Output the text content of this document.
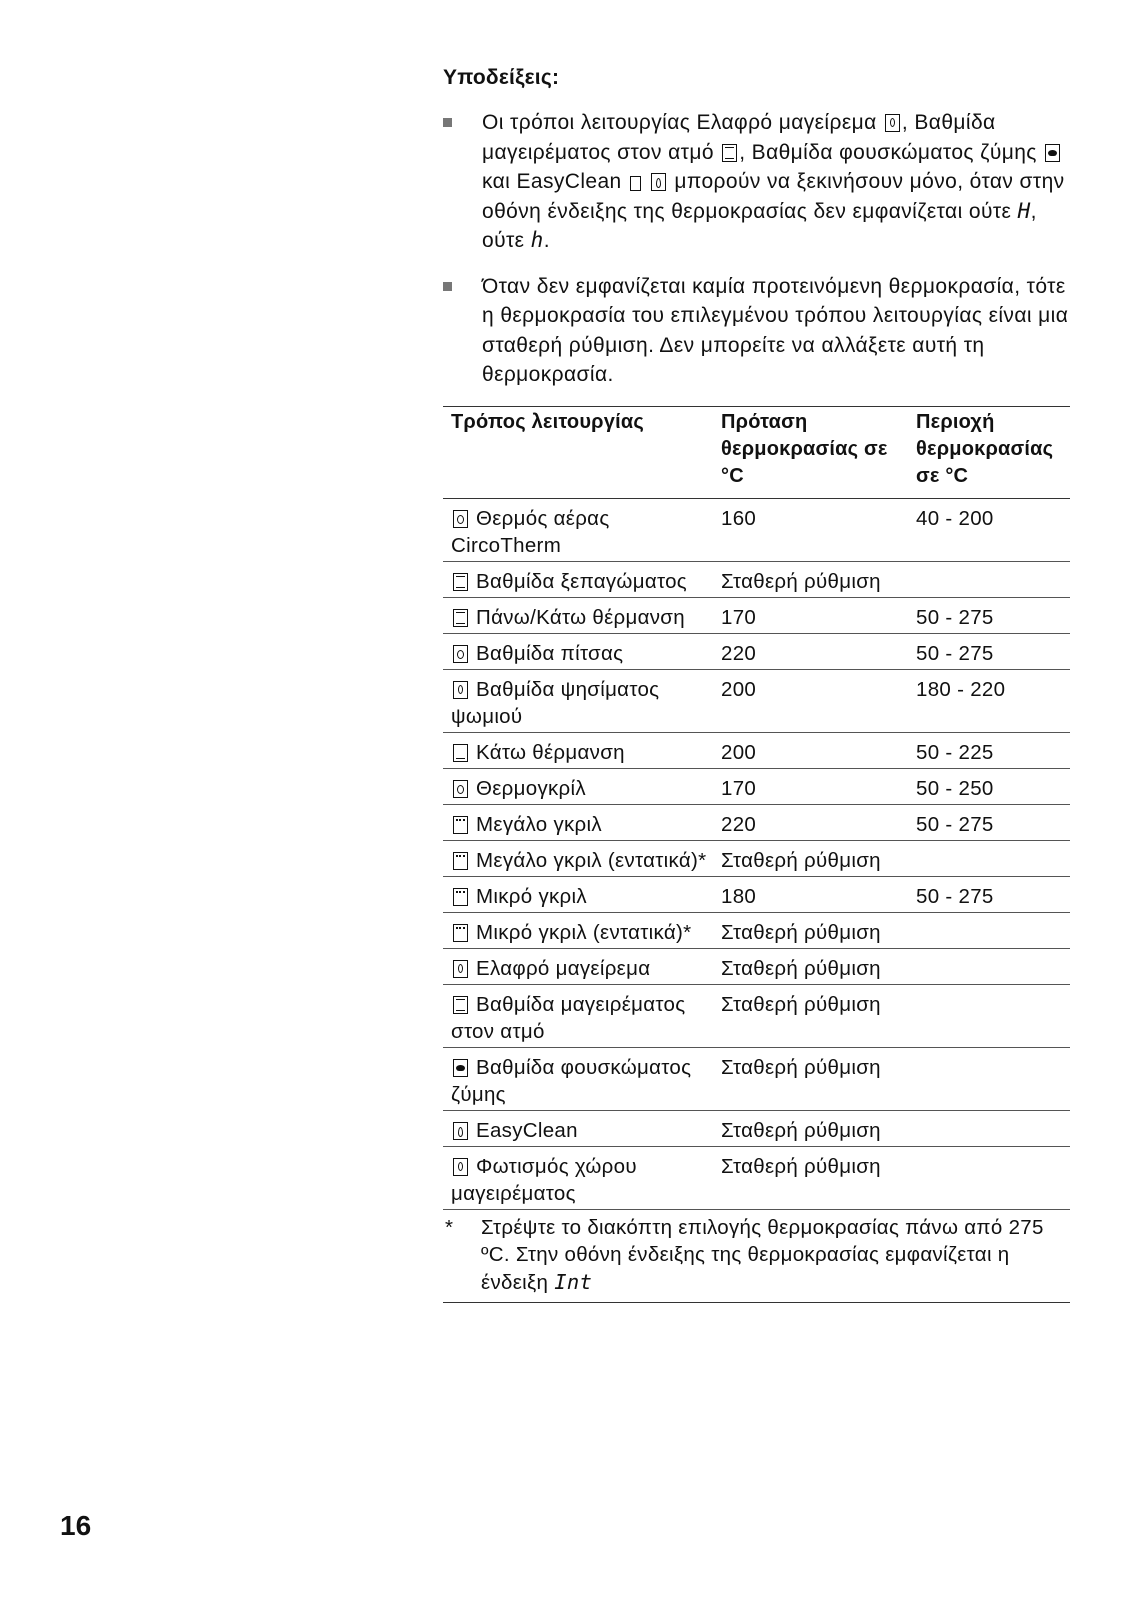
Υποδείξεις:
Οι τρόποι λειτουργίας Ελαφρό μαγείρεμα , Βαθμίδα μαγειρέματος στον ατμό , Βαθμίδα φουσκώματος ζύμης  και EasyClean   μπορούν να ξεκινήσουν μόνο, όταν στην οθόνη ένδειξης της θερμοκρασίας δεν εμφανίζεται ούτε H, ούτε h.
Όταν δεν εμφανίζεται καμία προτεινόμενη θερμοκρασία, τότε η θερμοκρασία του επιλεγμένου τρόπου λειτουργίας είναι μια σταθερή ρύθμιση. Δεν μπορείτε να αλλάξετε αυτή τη θερμοκρασία.
Τρόπος λειτουργίας	Πρόταση θερμοκρασίας σε °C	Περιοχή θερμοκρασίας σε °C
Θερμός αέρας CircoTherm	160	40 - 200
Βαθμίδα ξεπαγώματος	Σταθερή ρύθμιση	
Πάνω/Κάτω θέρμανση	170	50 - 275
Βαθμίδα πίτσας	220	50 - 275
Βαθμίδα ψησίματος ψωμιού	200	180 - 220
Κάτω θέρμανση	200	50 - 225
Θερμογκρίλ	170	50 - 250
Μεγάλο γκριλ	220	50 - 275
Μεγάλο γκριλ (εντατικά)*	Σταθερή ρύθμιση	
Μικρό γκριλ	180	50 - 275
Μικρό γκριλ (εντατικά)*	Σταθερή ρύθμιση	
Ελαφρό μαγείρεμα	Σταθερή ρύθμιση	
Βαθμίδα μαγειρέματος στον ατμό	Σταθερή ρύθμιση	
Βαθμίδα φουσκώματος ζύμης	Σταθερή ρύθμιση	
EasyClean	Σταθερή ρύθμιση	
Φωτισμός χώρου μαγειρέματος	Σταθερή ρύθμιση	
* Στρέψτε το διακόπτη επιλογής θερμοκρασίας πάνω από 275 ºC. Στην οθόνη ένδειξης της θερμοκρασίας εμφανίζεται η ένδειξη Int
16
